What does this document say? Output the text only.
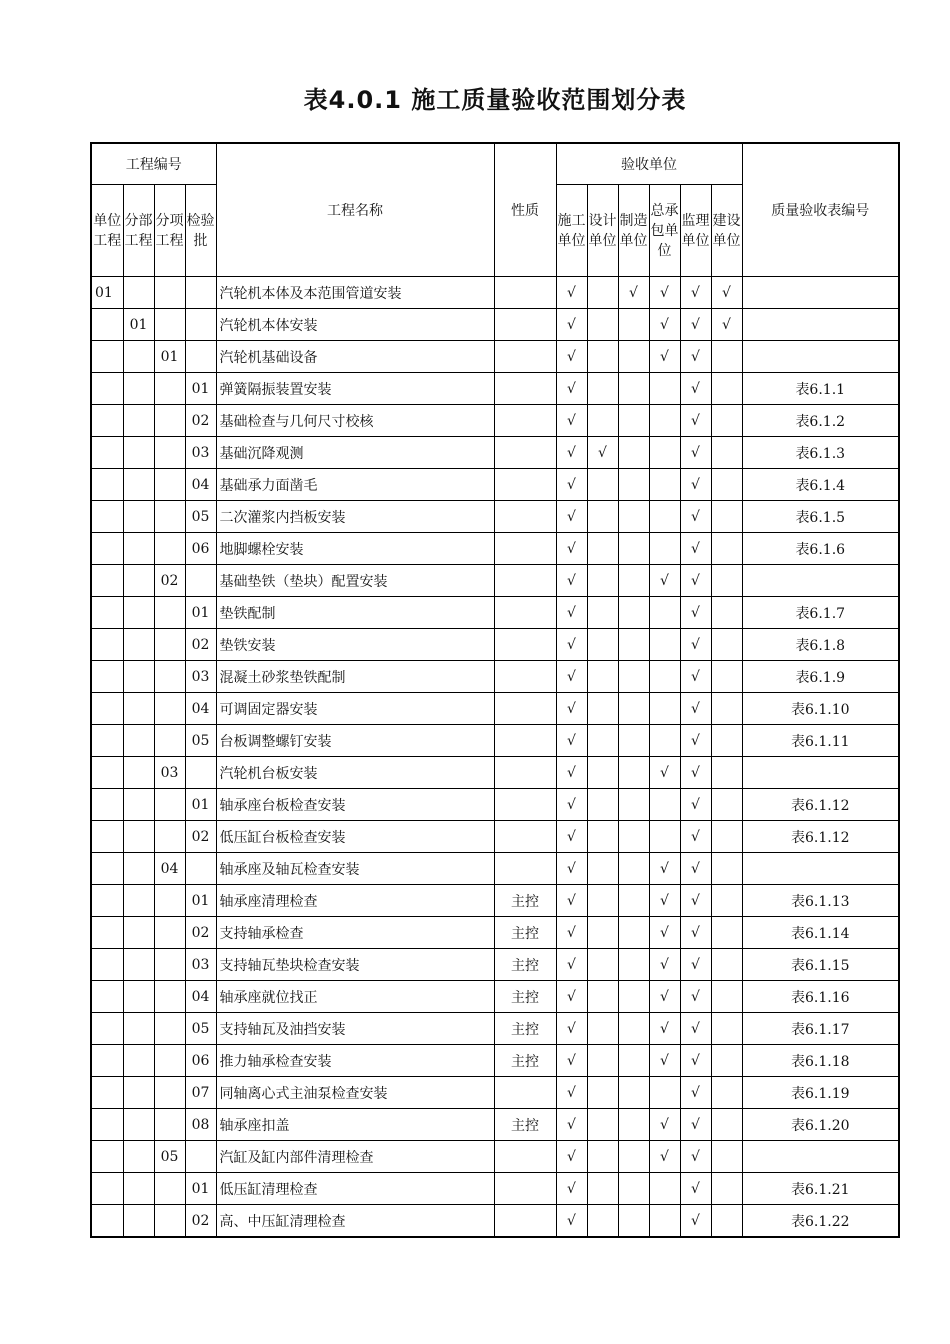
表4.0.1 施工质量验收范围划分表
工程编号				工程名称	性质	验收单位						质量验收表编号
单位工程	分部工程	分项工程	检验批			施工单位	设计单位	制造单位	总承包单位	监理单位	建设单位	
01				汽轮机本体及本范围管道安装		√		√	√	√	√	
	01			汽轮机本体安装		√			√	√	√	
		01		汽轮机基础设备		√			√	√		
			01	弹簧隔振装置安装		√				√		表6.1.1
			02	基础检查与几何尺寸校核		√				√		表6.1.2
			03	基础沉降观测		√	√			√		表6.1.3
			04	基础承力面凿毛		√				√		表6.1.4
			05	二次灌浆内挡板安装		√				√		表6.1.5
			06	地脚螺栓安装		√				√		表6.1.6
		02		基础垫铁（垫块）配置安装		√			√	√		
			01	垫铁配制		√				√		表6.1.7
			02	垫铁安装		√				√		表6.1.8
			03	混凝土砂浆垫铁配制		√				√		表6.1.9
			04	可调固定器安装		√				√		表6.1.10
			05	台板调整螺钉安装		√				√		表6.1.11
		03		汽轮机台板安装		√			√	√		
			01	轴承座台板检查安装		√				√		表6.1.12
			02	低压缸台板检查安装		√				√		表6.1.12
		04		轴承座及轴瓦检查安装		√			√	√		
			01	轴承座清理检查	主控	√			√	√		表6.1.13
			02	支持轴承检查	主控	√			√	√		表6.1.14
			03	支持轴瓦垫块检查安装	主控	√			√	√		表6.1.15
			04	轴承座就位找正	主控	√			√	√		表6.1.16
			05	支持轴瓦及油挡安装	主控	√			√	√		表6.1.17
			06	推力轴承检查安装	主控	√			√	√		表6.1.18
			07	同轴离心式主油泵检查安装		√				√		表6.1.19
			08	轴承座扣盖	主控	√			√	√		表6.1.20
		05		汽缸及缸内部件清理检查		√			√	√		
			01	低压缸清理检查		√				√		表6.1.21
			02	高、中压缸清理检查		√				√		表6.1.22
